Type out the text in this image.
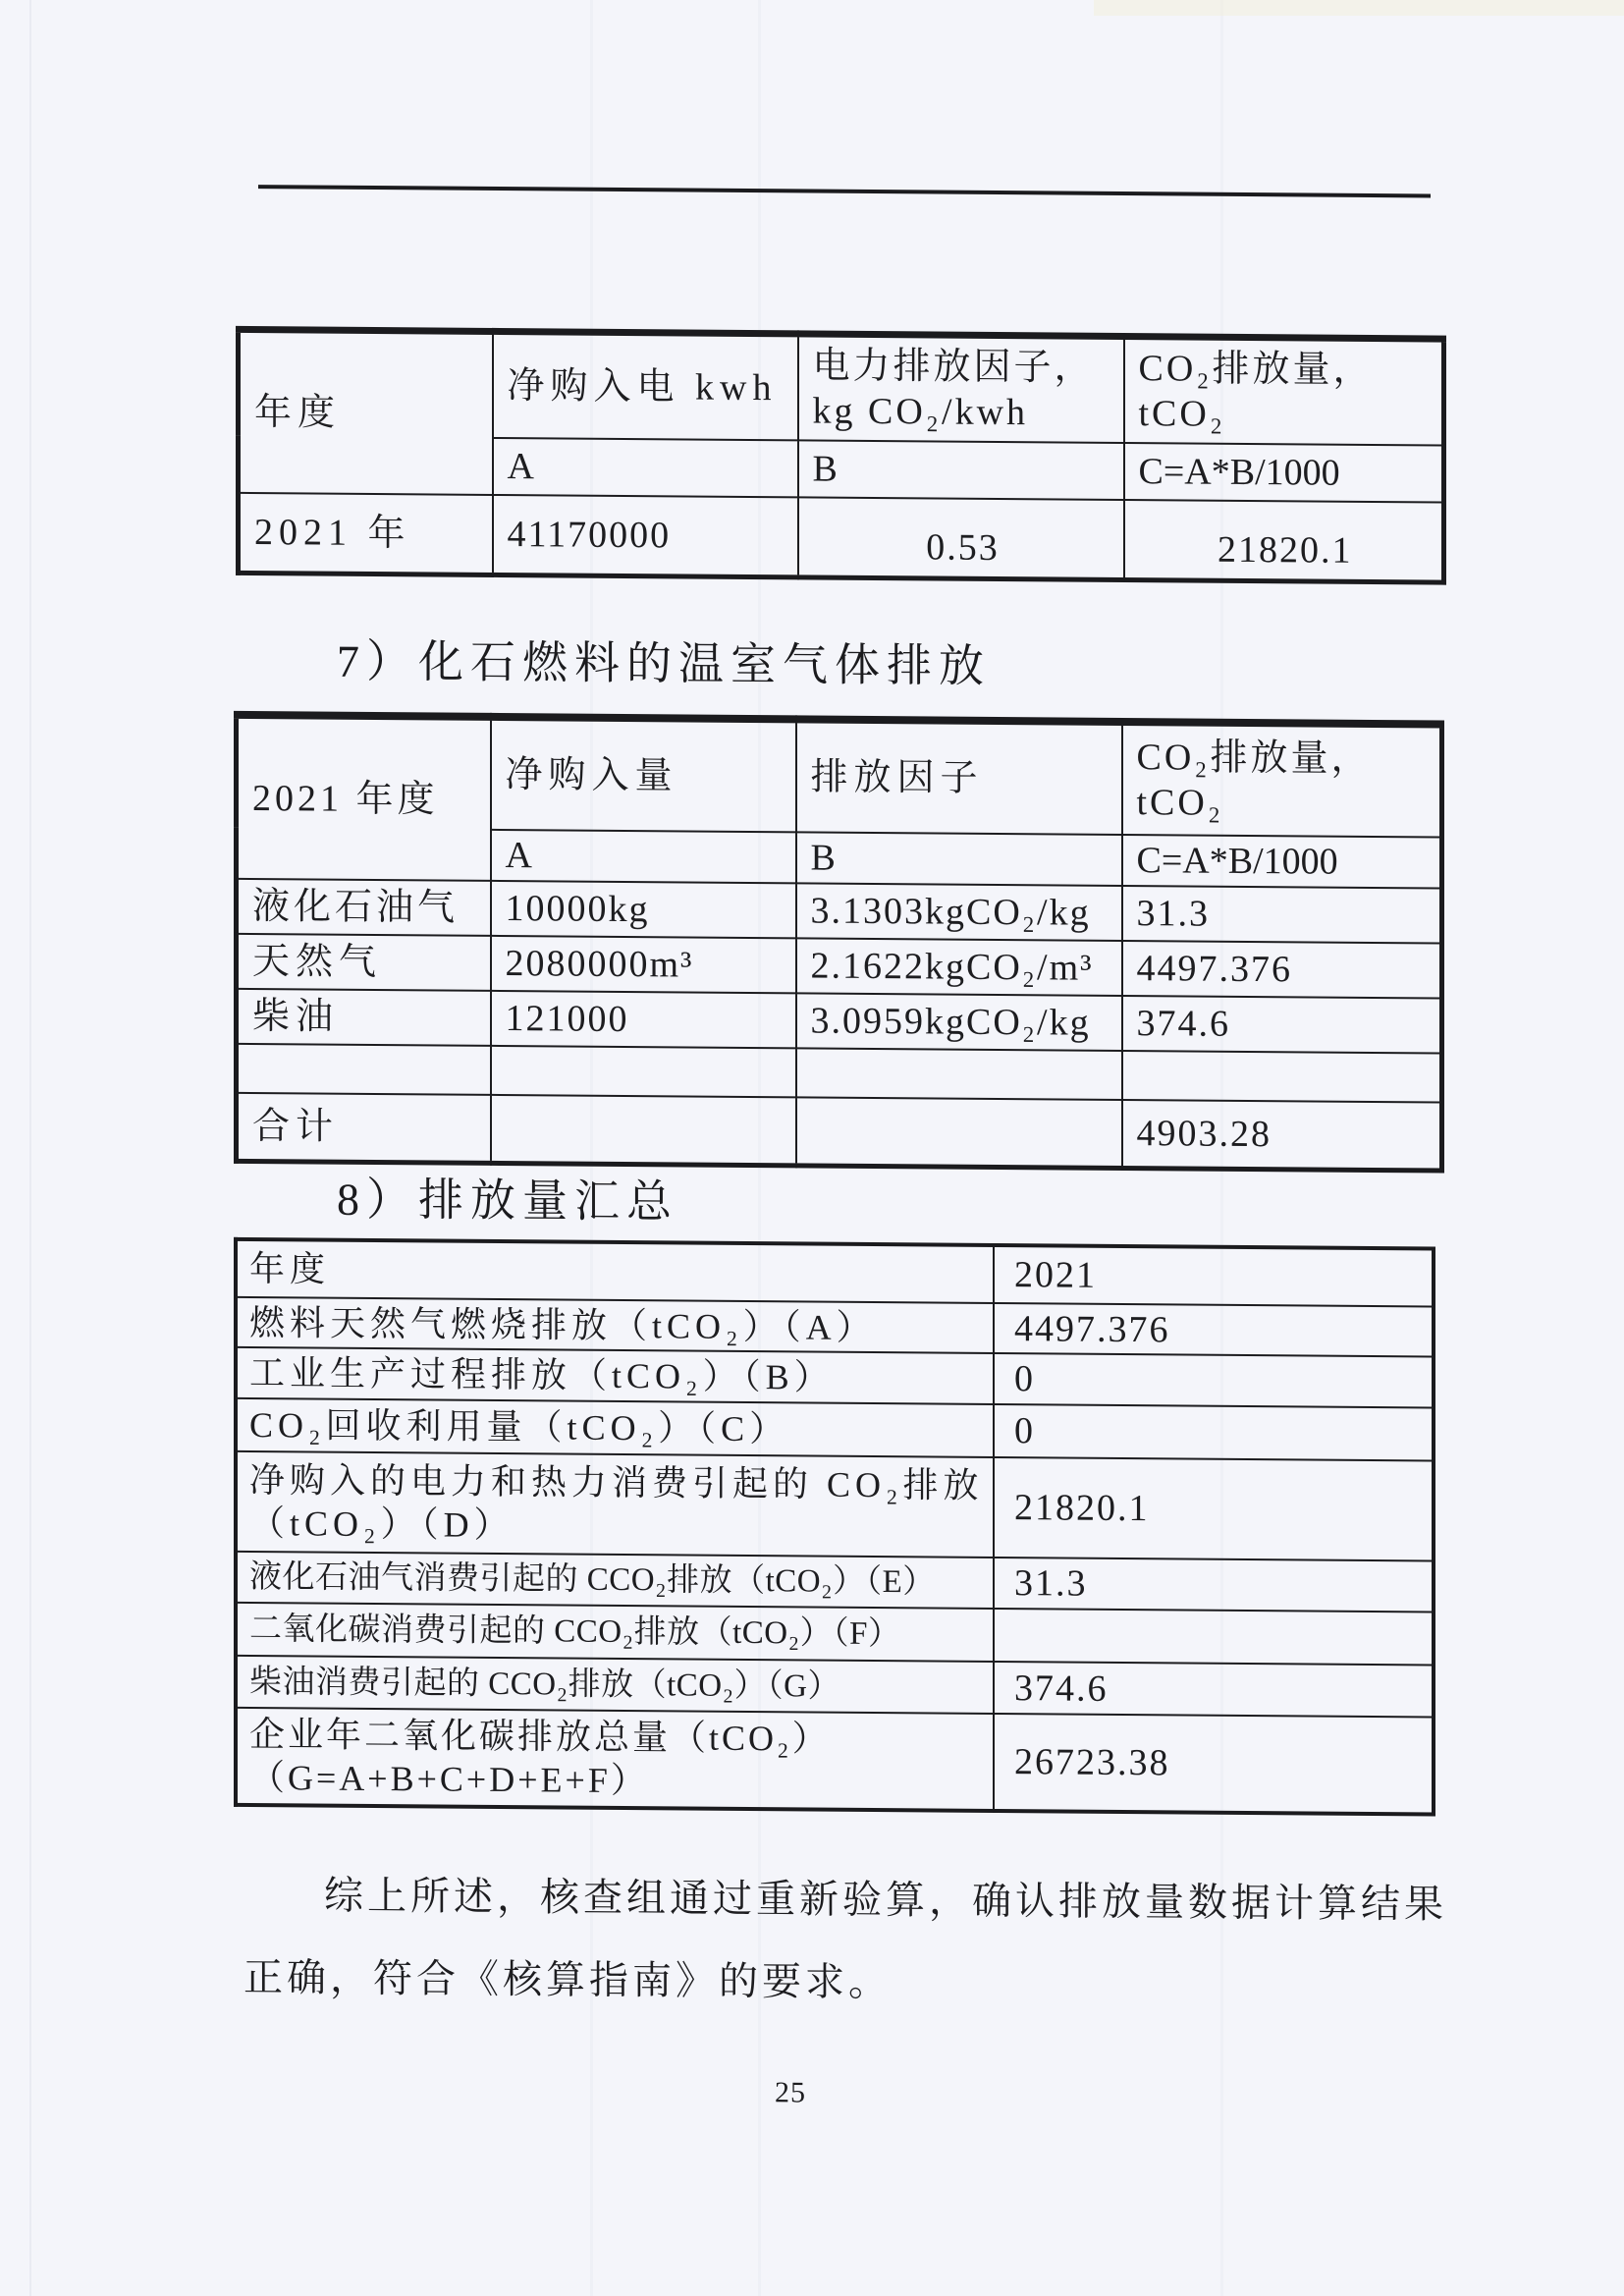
年度	净购入电 kwh	电力排放因子，kg CO₂/kwh	CO₂排放量，tCO₂
	A	B	C=A*B/1000
2021 年	41170000	0.53	21820.1
7）化石燃料的温室气体排放
2021 年度	净购入量	排放因子	CO₂排放量，tCO₂
	A	B	C=A*B/1000
液化石油气	10000kg	3.1303kgCO₂/kg	31.3
天然气	2080000m³	2.1622kgCO₂/m³	4497.376
柴油	121000	3.0959kgCO₂/kg	374.6

合计			4903.28
8）排放量汇总
年度	2021

燃料天然气燃烧排放（tCO₂）（A）	4497.376

工业生产过程排放（tCO₂）（B）	0

CO₂回收利用量（tCO₂）（C）	0

净购入的电力和热力消费引起的 CO₂排放
（tCO₂）（D）	21820.1

液化石油气消费引起的 CCO₂排放（tCO₂）（E）	31.3

二氧化碳消费引起的 CCO₂排放（tCO₂）（F）	

柴油消费引起的 CCO₂排放（tCO₂）（G）	374.6

企业年二氧化碳排放总量（tCO₂）
（G=A+B+C+D+E+F）	26723.38
综上所述，核查组通过重新验算，确认排放量数据计算结果
正确，符合《核算指南》的要求。
25
